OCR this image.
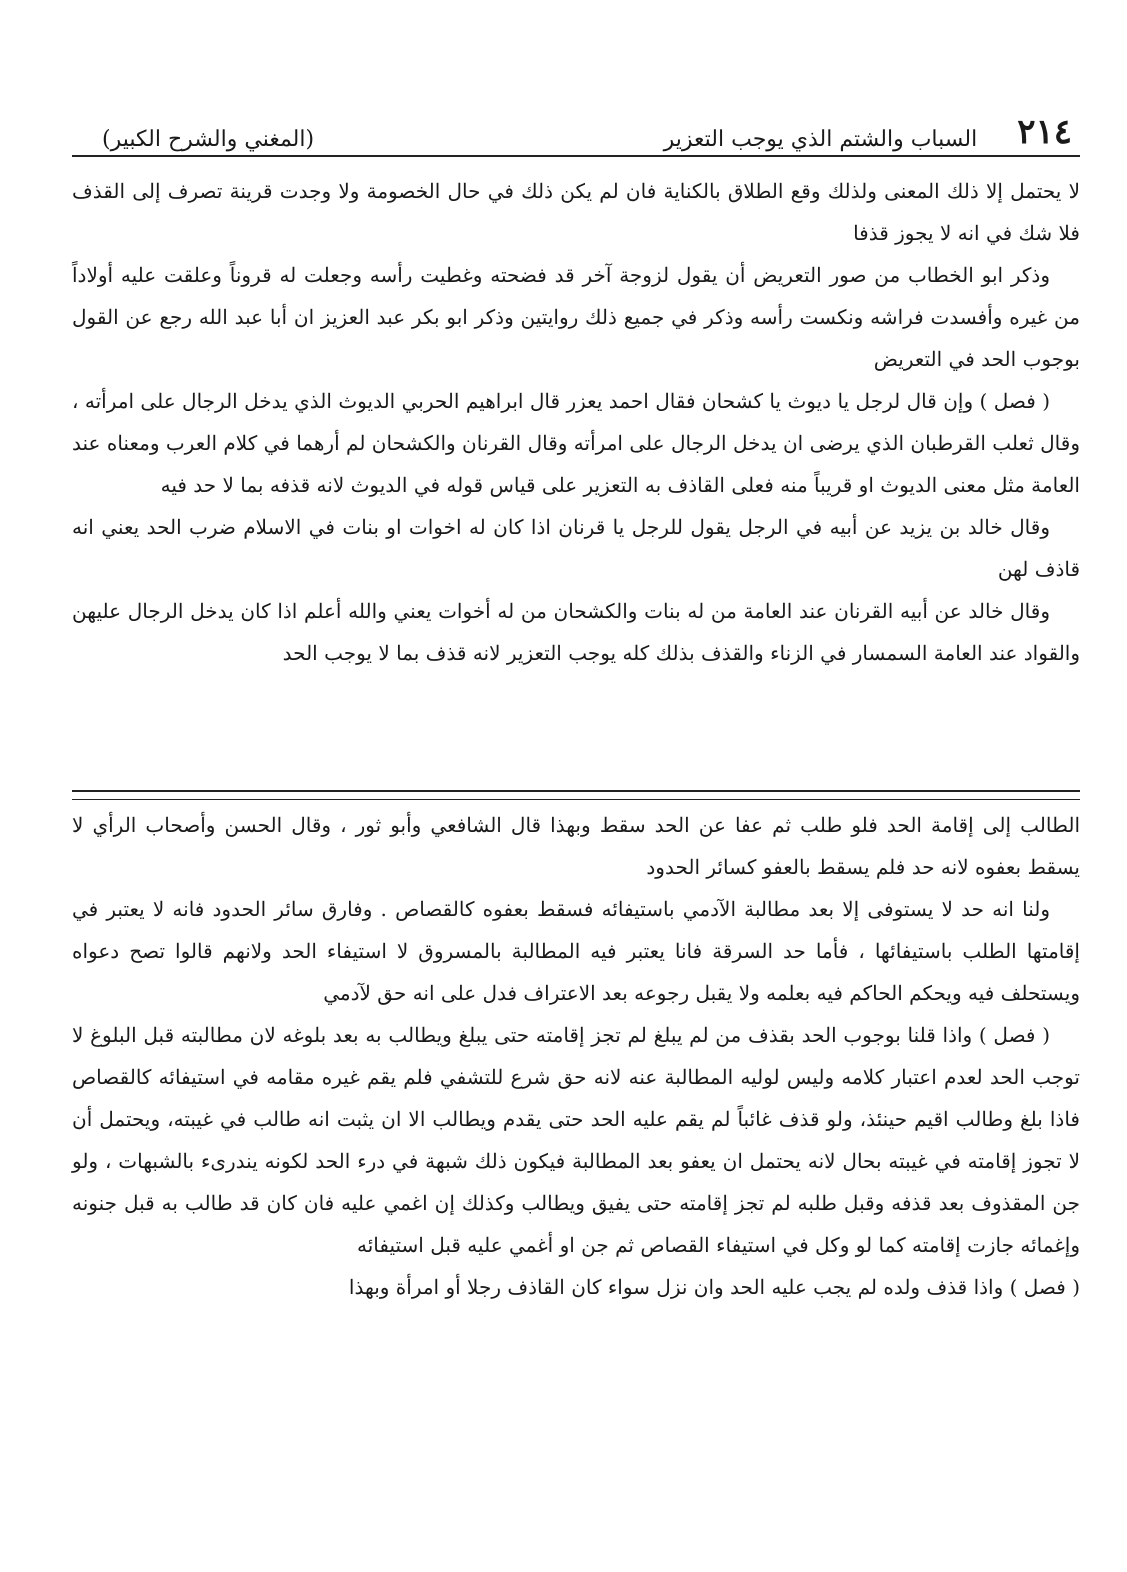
(المغني والشرح الكبير)	السباب والشتم الذي يوجب التعزير ٢١٤

لا يحتمل إلا ذلك المعنى ولذلك وقع الطلاق بالكناية فان لم يكن ذلك في حال الخصومة ولا وجدت قرينة تصرف إلى القذف فلا شك في انه لا يجوز قذفا

وذكر ابو الخطاب من صور التعريض أن يقول لزوجة آخر قد فضحته وغطيت رأسه وجعلت له قروناً وعلقت عليه أولاداً من غيره وأفسدت فراشه ونكست رأسه وذكر في جميع ذلك روايتين وذكر ابو بكر عبد العزيز ان أبا عبد الله رجع عن القول بوجوب الحد في التعريض

( فصل ) وإن قال لرجل يا ديوث يا كشحان فقال احمد يعزر قال ابراهيم الحربي الديوث الذي يدخل الرجال على امرأته ، وقال ثعلب القرطبان الذي يرضى ان يدخل الرجال على امرأته وقال القرنان والكشحان لم أرهما في كلام العرب ومعناه عند العامة مثل معنى الديوث او قريباً منه فعلى القاذف به التعزير على قياس قوله في الديوث لانه قذفه بما لا حد فيه

وقال خالد بن يزيد عن أبيه في الرجل يقول للرجل يا قرنان اذا كان له اخوات او بنات في الاسلام ضرب الحد يعني انه قاذف لهن

وقال خالد عن أبيه القرنان عند العامة من له بنات والكشحان من له أخوات يعني والله أعلم اذا كان يدخل الرجال عليهن والقواد عند العامة السمسار في الزناء والقذف بذلك كله يوجب التعزير لانه قذف بما لا يوجب الحد

الطالب إلى إقامة الحد فلو طلب ثم عفا عن الحد سقط وبهذا قال الشافعي وأبو ثور ، وقال الحسن وأصحاب الرأي لا يسقط بعفوه لانه حد فلم يسقط بالعفو كسائر الحدود

ولنا انه حد لا يستوفى إلا بعد مطالبة الآدمي باستيفائه فسقط بعفوه كالقصاص . وفارق سائر الحدود فانه لا يعتبر في إقامتها الطلب باستيفائها ، فأما حد السرقة فانا يعتبر فيه المطالبة بالمسروق لا استيفاء الحد ولانهم قالوا تصح دعواه ويستحلف فيه ويحكم الحاكم فيه بعلمه ولا يقبل رجوعه بعد الاعتراف فدل على انه حق لآدمي

( فصل ) واذا قلنا بوجوب الحد بقذف من لم يبلغ لم تجز إقامته حتى يبلغ ويطالب به بعد بلوغه لان مطالبته قبل البلوغ لا توجب الحد لعدم اعتبار كلامه وليس لوليه المطالبة عنه لانه حق شرع للتشفي فلم يقم غيره مقامه في استيفائه كالقصاص فاذا بلغ وطالب اقيم حينئذ، ولو قذف غائباً لم يقم عليه الحد حتى يقدم ويطالب الا ان يثبت انه طالب في غيبته، ويحتمل أن لا تجوز إقامته في غيبته بحال لانه يحتمل ان يعفو بعد المطالبة فيكون ذلك شبهة في درء الحد لكونه يندرىء بالشبهات ، ولو جن المقذوف بعد قذفه وقبل طلبه لم تجز إقامته حتى يفيق ويطالب وكذلك إن اغمي عليه فان كان قد طالب به قبل جنونه وإغمائه جازت إقامته كما لو وكل في استيفاء القصاص ثم جن او أغمي عليه قبل استيفائه

( فصل ) واذا قذف ولده لم يجب عليه الحد وان نزل سواء كان القاذف رجلا أو امرأة وبهذا
